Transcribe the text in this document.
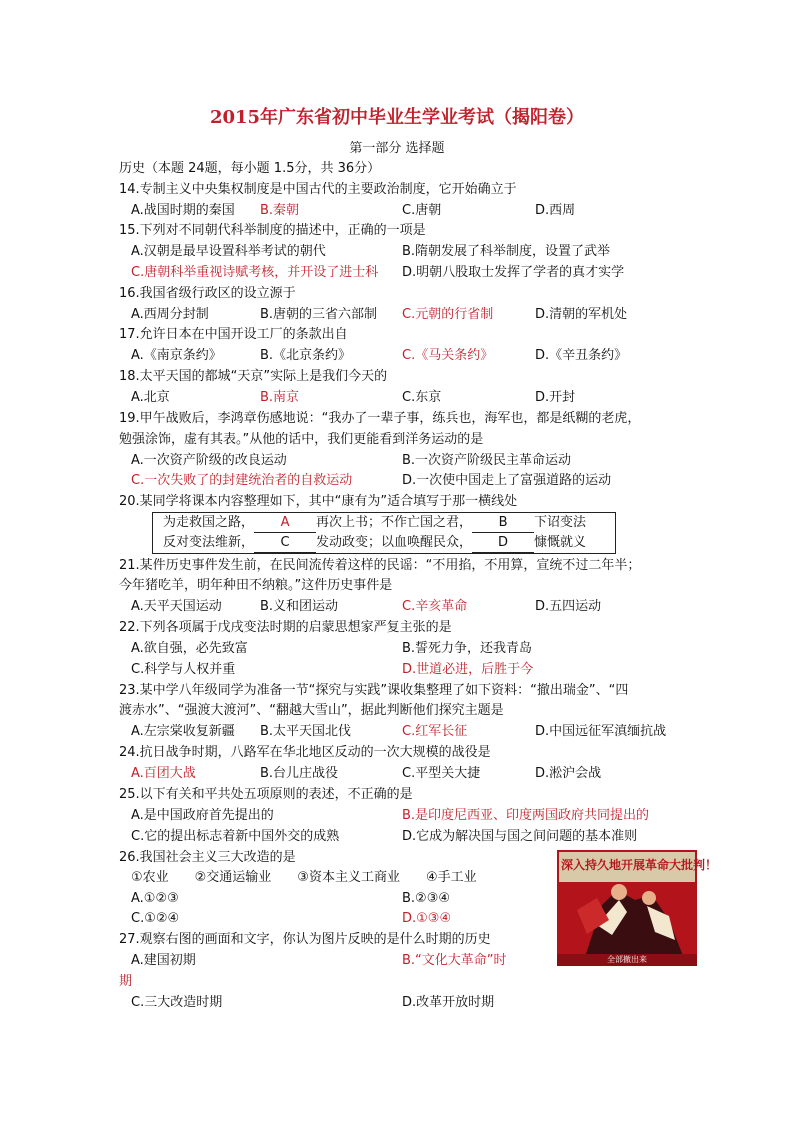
2015年广东省初中毕业生学业考试（揭阳卷）
第一部分 选择题
历史（本题 24题，每小题 1.5分，共 36分）
14.专制主义中央集权制度是中国古代的主要政治制度，它开始确立于
A.战国时期的秦国 B.秦朝	C.唐朝	D.西周
15.下列对不同朝代科举制度的描述中，正确的一项是
A.汉朝是最早设置科举考试的朝代	B.隋朝发展了科举制度，设置了武举
C.唐朝科举重视诗赋考核，并开设了进士科 D.明朝八股取士发挥了学者的真才实学
16.我国省级行政区的设立源于
A.西周分封制	B.唐朝的三省六部制 C.元朝的行省制	D.清朝的军机处
17.允许日本在中国开设工厂的条款出自
A.《南京条约》	B.《北京条约》	C.《马关条约》	D.《辛丑条约》
18.太平天国的都城“天京”实际上是我们今天的
A.北京	B.南京	C.东京	D.开封
19.甲午战败后，李鸿章伤感地说：“我办了一辈子事，练兵也，海军也，都是纸糊的老虎，
勉强涂饰，虚有其表。”从他的话中，我们更能看到洋务运动的是
A.一次资产阶级的改良运动	B.一次资产阶级民主革命运动
C.一次失败了的封建统治者的自救运动	D.一次使中国走上了富强道路的运动
20.某同学将课本内容整理如下，其中“康有为”适合填写于那一横线处
为走救国之路， A 再次上书；不作亡国之君， B 下诏变法
反对变法维新， C 发动政变；以血唤醒民众， D 慷慨就义
21.某件历史事件发生前，在民间流传着这样的民谣：“不用掐，不用算，宣统不过二年半；
今年猪吃羊，明年种田不纳粮。”这件历史事件是
A.天平天国运动	B.义和团运动	C.辛亥革命	D.五四运动
22.下列各项属于戊戌变法时期的启蒙思想家严复主张的是
A.欲自强，必先致富	B.誓死力争，还我青岛
C.科学与人权并重	D.世道必进，后胜于今
23.某中学八年级同学为准备一节“探究与实践”课收集整理了如下资料：“撤出瑞金”、“四
渡赤水”、“强渡大渡河”、“翻越大雪山”，据此判断他们探究主题是
A.左宗棠收复新疆 B.太平天国北伐	C.红军长征	D.中国远征军滇缅抗战
24.抗日战争时期，八路军在华北地区反动的一次大规模的战役是
A.百团大战	B.台儿庄战役	C.平型关大捷	D.淞沪会战
25.以下有关和平共处五项原则的表述，不正确的是
A.是中国政府首先提出的	B.是印度尼西亚、印度两国政府共同提出的
C.它的提出标志着新中国外交的成熟	D.它成为解决国与国之间问题的基本准则
26.我国社会主义三大改造的是
①农业　　②交通运输业　　③资本主义工商业　　④手工业
A.①②③	B.②③④
C.①②④	D.①③④
27.观察右图的画面和文字，你认为图片反映的是什么时期的历史
A.建国初期	B.“文化大革命”时
期
C.三大改造时期	D.改革开放时期
深入持久地开展革命大批判！
全部撤出来
